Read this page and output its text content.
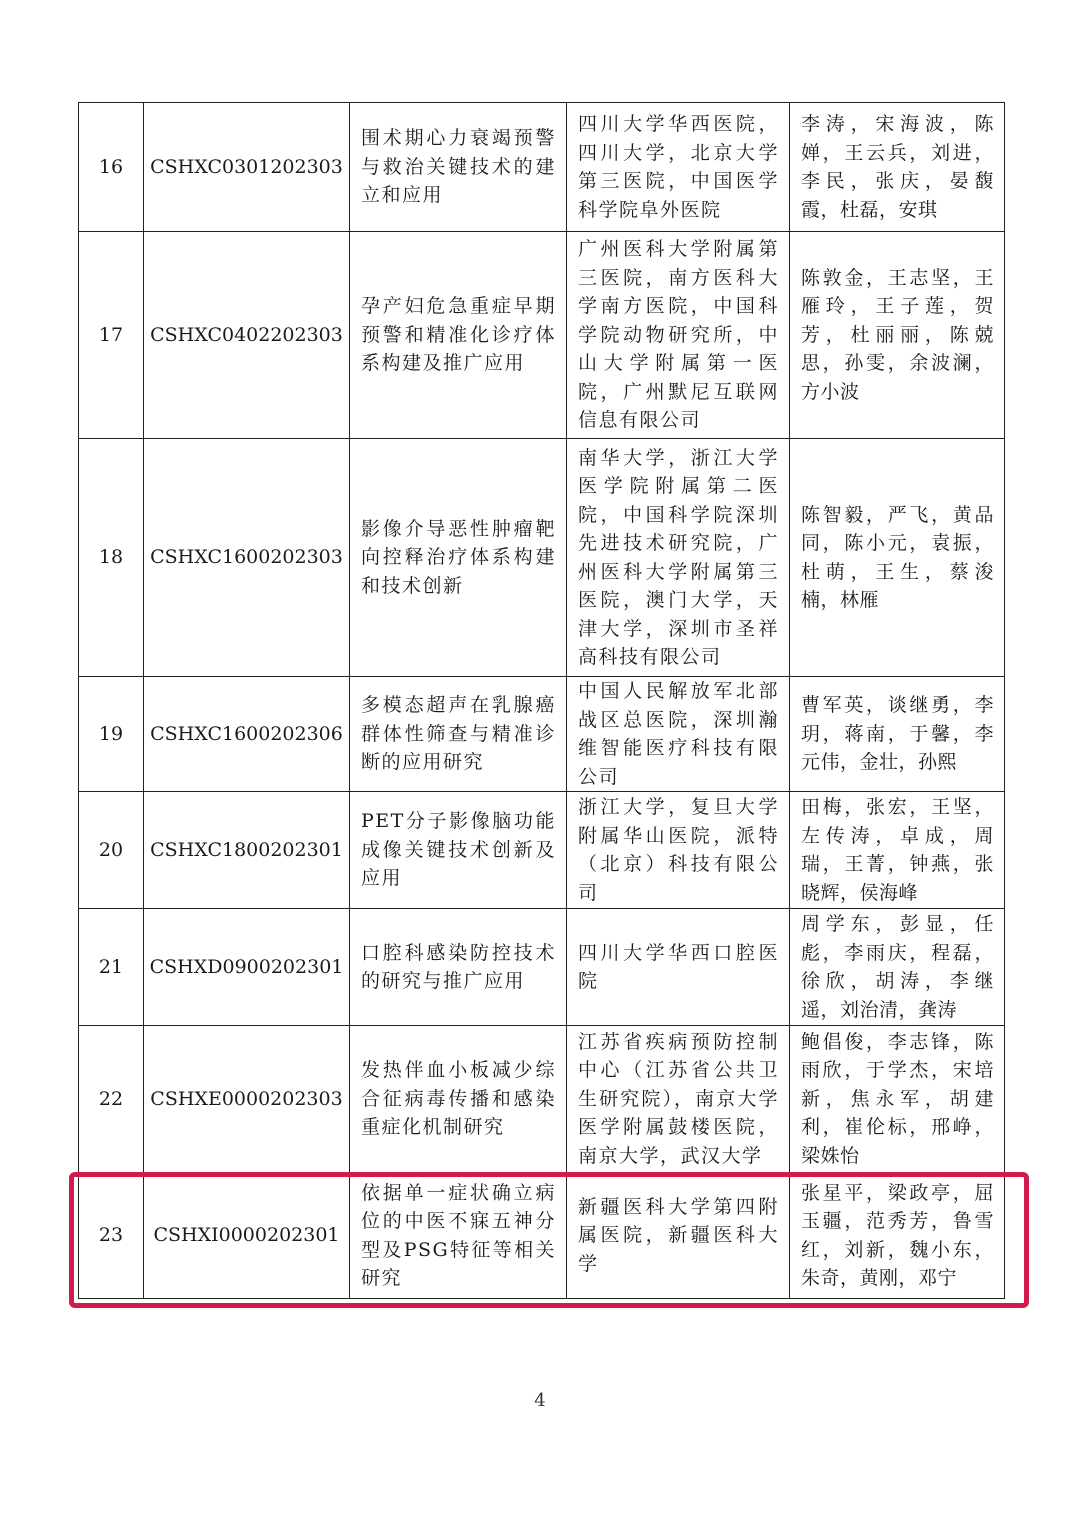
16	CSHXC0301202303	围术期心力衰竭预警与救治关键技术的建立和应用	四川大学华西医院，四川大学，北京大学第三医院，中国医学科学院阜外医院	李涛，宋海波，陈婵，王云兵，刘进，李民，张庆，晏馥霞，杜磊，安琪

17	CSHXC0402202303	孕产妇危急重症早期预警和精准化诊疗体系构建及推广应用	广州医科大学附属第三医院，南方医科大学南方医院，中国科学院动物研究所，中山大学附属第一医院，广州默尼互联网信息有限公司	陈敦金，王志坚，王雁玲，王子莲，贺芳，杜丽丽，陈兢思，孙雯，余波澜，方小波

18	CSHXC1600202303	影像介导恶性肿瘤靶向控释治疗体系构建和技术创新	南华大学，浙江大学医学院附属第二医院，中国科学院深圳先进技术研究院，广州医科大学附属第三医院，澳门大学，天津大学，深圳市圣祥高科技有限公司	陈智毅，严飞，黄品同，陈小元，袁振，杜萌，王生，蔡浚楠，林雁

19	CSHXC1600202306	多模态超声在乳腺癌群体性筛查与精准诊断的应用研究	中国人民解放军北部战区总医院，深圳瀚维智能医疗科技有限公司	曹军英，谈继勇，李玥，蒋南，于馨，李元伟，金壮，孙熙

20	CSHXC1800202301	PET分子影像脑功能成像关键技术创新及应用	浙江大学，复旦大学附属华山医院，派特（北京）科技有限公司	田梅，张宏，王坚，左传涛，卓成，周瑞，王菁，钟燕，张晓辉，侯海峰

21	CSHXD0900202301	口腔科感染防控技术的研究与推广应用	四川大学华西口腔医院	周学东，彭显，任彪，李雨庆，程磊，徐欣，胡涛，李继遥，刘治清，龚涛

22	CSHXE0000202303	发热伴血小板减少综合征病毒传播和感染重症化机制研究	江苏省疾病预防控制中心（江苏省公共卫生研究院），南京大学医学附属鼓楼医院，南京大学，武汉大学	鲍倡俊，李志锋，陈雨欣，于学杰，宋培新，焦永军，胡建利，崔伦标，邢峥，梁姝怡

23	CSHXI0000202301	依据单一症状确立病位的中医不寐五神分型及PSG特征等相关研究	新疆医科大学第四附属医院，新疆医科大学	张星平，梁政亭，屈玉疆，范秀芳，鲁雪红，刘新，魏小东，朱奇，黄刚，邓宁
4
